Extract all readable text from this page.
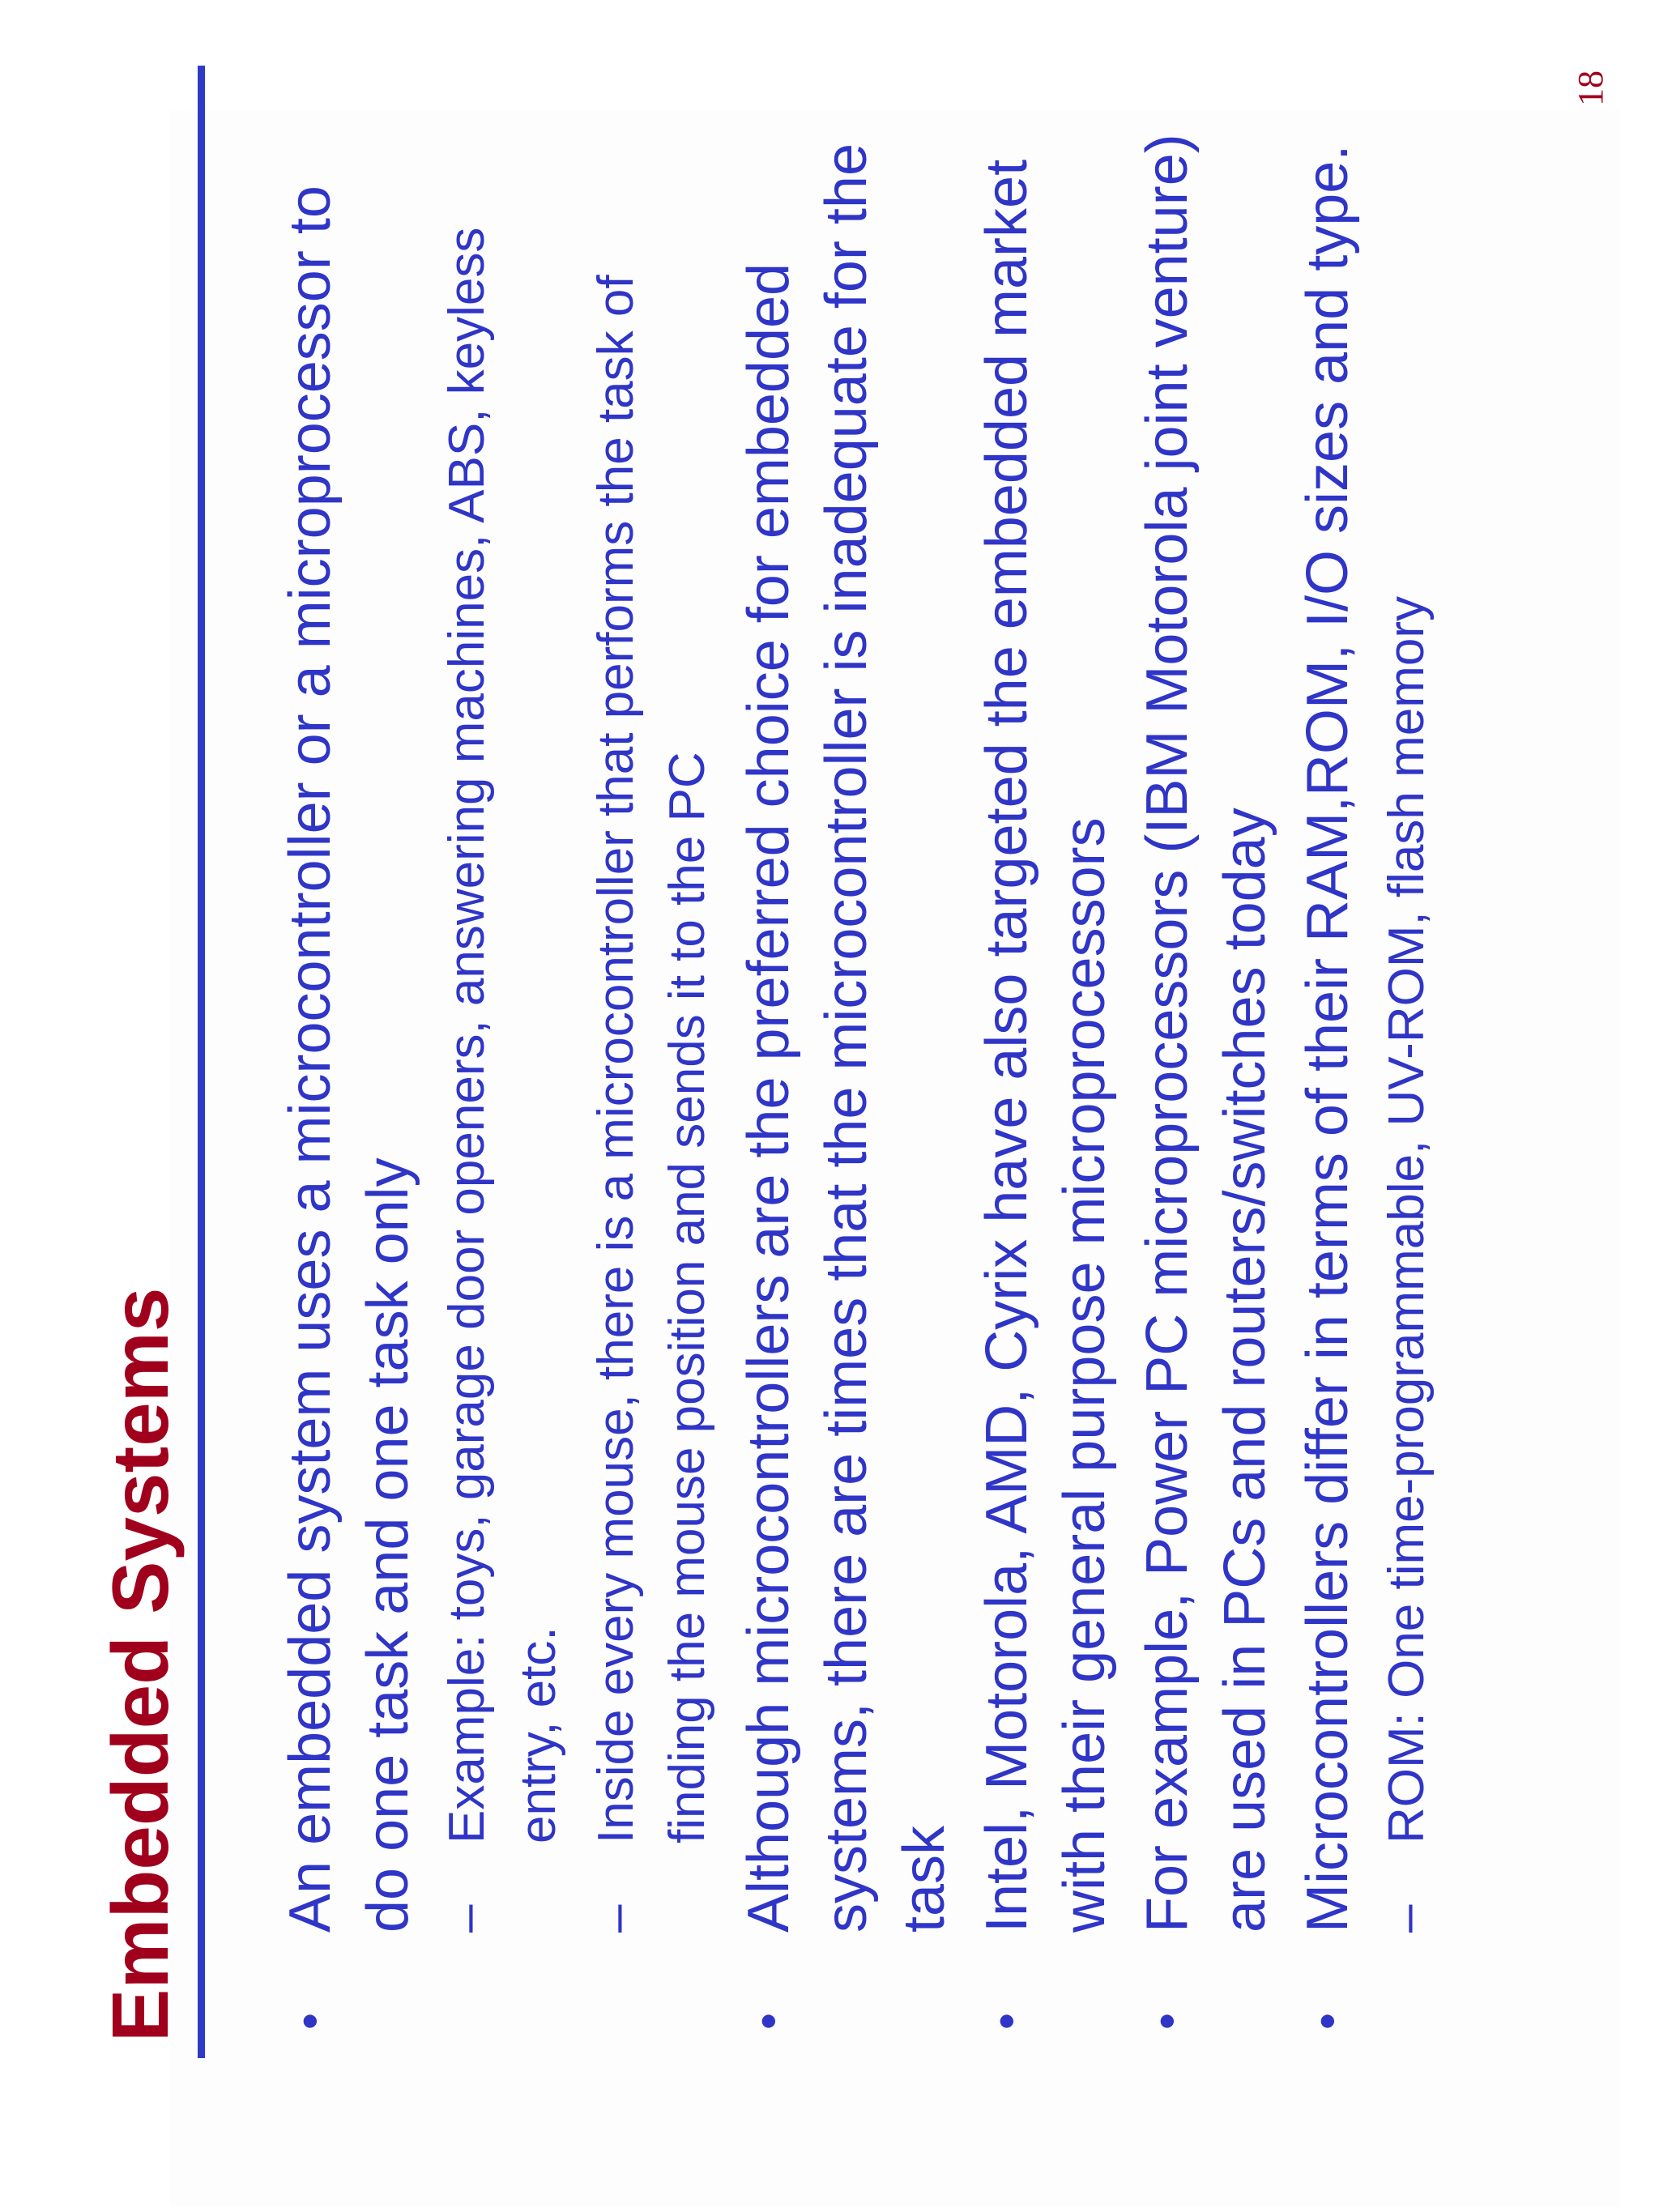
Embedded Systems •
An embedded system uses a microcontroller or a microprocessor to do one task and one task only –
Example: toys, garage door openers, answering machines, ABS, keyless entry, etc.
–
Inside every mouse, there is a microcontroller that performs the task of finding the mouse position and sends it to the PC
•
Although microcontrollers are the preferred choice for embedded systems, there are times that the microcontroller is inadequate for the task
•
Intel, Motorola, AMD, Cyrix have also targeted the embedded market with their general purpose microprocessors
•
For example, Power PC microprocessors (IBM Motorola joint venture) are used in PCs and routers/switches today
•
Microcontrollers differ in terms of their RAM,ROM, I/O sizes and type. –
ROM: One time-programmable, UV-ROM, flash memory
18
